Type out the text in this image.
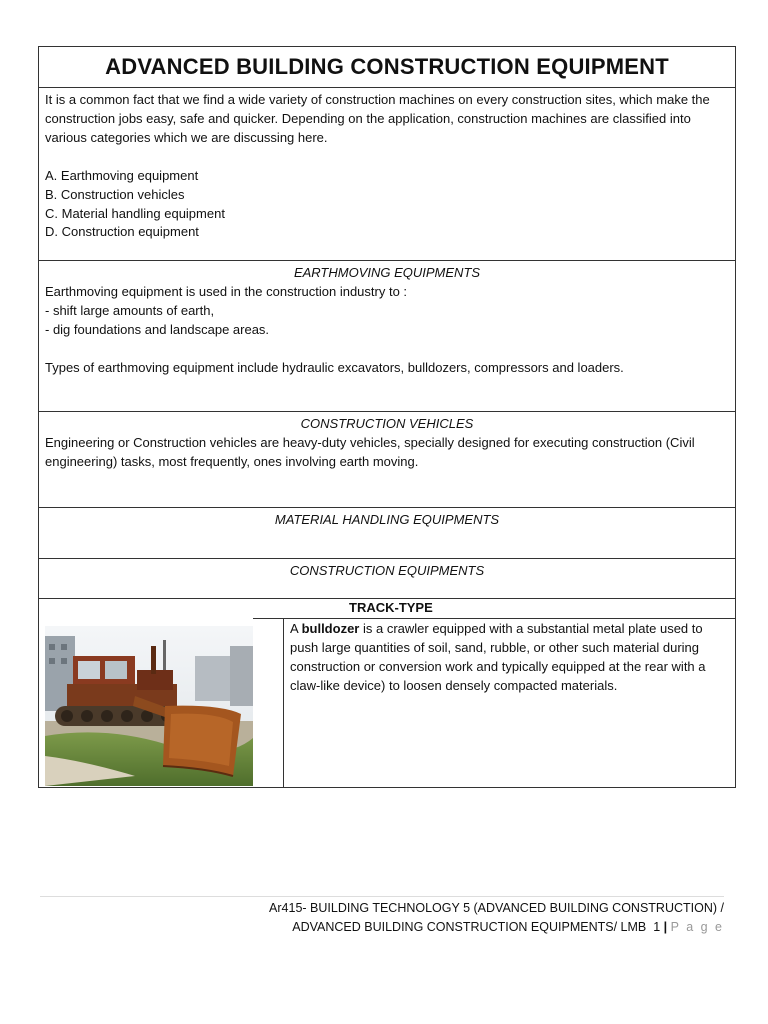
ADVANCED BUILDING CONSTRUCTION EQUIPMENT
It is a common fact that we find a wide variety of construction machines on every construction sites, which make the construction jobs easy, safe and quicker. Depending on the application, construction machines are classified into various categories which we are discussing here.
A. Earthmoving equipment
B. Construction vehicles
C. Material handling equipment
D. Construction equipment
EARTHMOVING EQUIPMENTS
Earthmoving equipment is used in the construction industry to :
- shift large amounts of earth,
- dig foundations and landscape areas.
Types of earthmoving equipment include hydraulic excavators, bulldozers, compressors and loaders.
CONSTRUCTION VEHICLES
Engineering or Construction vehicles are heavy-duty vehicles, specially designed for executing construction (Civil engineering) tasks, most frequently, ones involving earth moving.
MATERIAL HANDLING EQUIPMENTS
CONSTRUCTION EQUIPMENTS
TRACK-TYPE
A bulldozer is a crawler equipped with a substantial metal plate used to push large quantities of soil, sand, rubble, or other such material during construction or conversion work and typically equipped at the rear with a claw-like device) to loosen densely compacted materials.
Ar415- BUILDING TECHNOLOGY 5 (ADVANCED BUILDING CONSTRUCTION) /
ADVANCED BUILDING CONSTRUCTION EQUIPMENTS/ LMB 1 | P a g e
